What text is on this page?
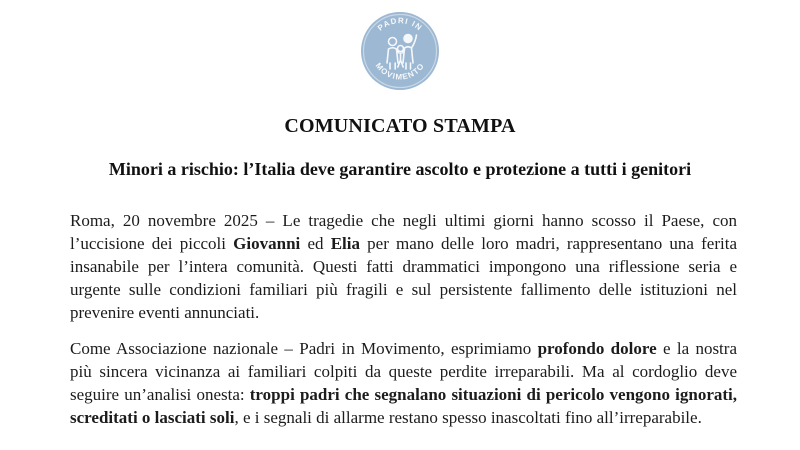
PADRI IN
MOVIMENTO
COMUNICATO STAMPA
Minori a rischio: l’Italia deve garantire ascolto e protezione a tutti i genitori

Roma, 20 novembre 2025 – Le tragedie che negli ultimi giorni hanno scosso il Paese, con l’uccisione dei piccoli Giovanni ed Elia per mano delle loro madri, rappresentano una ferita insanabile per l’intera comunità. Questi fatti drammatici impongono una riflessione seria e urgente sulle condizioni familiari più fragili e sul persistente fallimento delle istituzioni nel prevenire eventi annunciati.

Come Associazione nazionale – Padri in Movimento, esprimiamo profondo dolore e la nostra più sincera vicinanza ai familiari colpiti da queste perdite irreparabili. Ma al cordoglio deve seguire un’analisi onesta: troppi padri che segnalano situazioni di pericolo vengono ignorati, screditati o lasciati soli, e i segnali di allarme restano spesso inascoltati fino all’irreparabile.
